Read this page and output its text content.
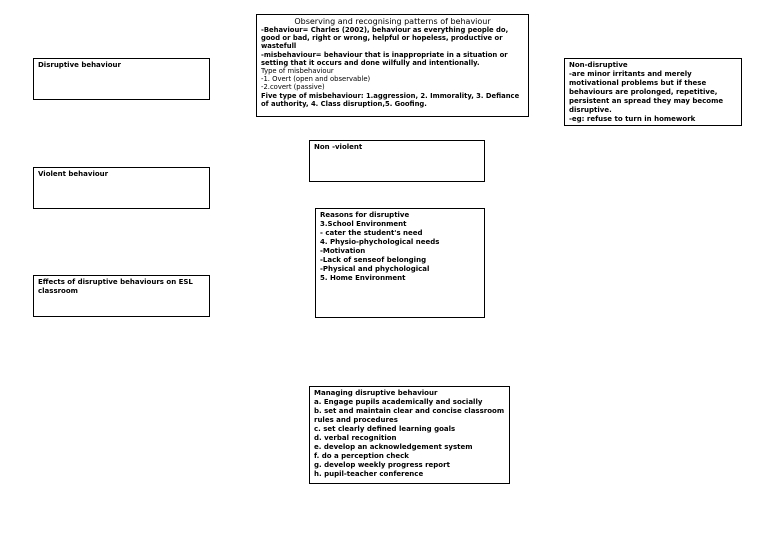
Observing and recognising patterns of behaviour
-Behaviour= Charles (2002), behaviour as everything people do, good or bad, right or wrong, helpful or hopeless, productive or wastefull
-misbehaviour= behaviour that is inappropriate in a situation or setting that it occurs and done wilfully and intentionally.
Type of misbehaviour
-1. Overt (open and observable)
-2.covert (passive)
Five type of misbehaviour: 1.aggression, 2. Immorality, 3. Defiance of authority, 4. Class disruption,5. Goofing.
Disruptive behaviour	Non-disruptive
-are minor irritants and merely motivational problems but if these behaviours are prolonged, repetitive, persistent an spread they may become disruptive.
-eg: refuse to turn in homework
Non -violent
Violent behaviour
Reasons for disruptive
3.School Environment
- cater the student's need
4. Physio-phychological needs
-Motivation
-Lack of senseof belonging
-Physical and phychological
5. Home Environment
Effects of disruptive behaviours on ESL classroom
Managing disruptive behaviour
a. Engage pupils academically and socially
b. set and maintain clear and concise classroom rules and procedures
c. set clearly defined learning goals
d. verbal recognition
e. develop an acknowledgement system
f. do a perception check
g. develop weekly progress report
h. pupil-teacher conference
